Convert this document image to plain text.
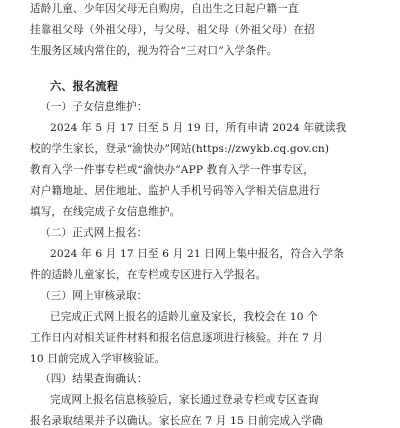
适龄儿童、少年因父母无自购房，自出生之日起户籍一直
挂靠祖父母（外祖父母），与父母、祖父母（外祖父母）在招
生服务区域内常住的，视为符合“三对口”入学条件。
六、报名流程
（一）子女信息维护：
2024 年 5 月 17 日至 5 月 19 日，所有申请 2024 年就读我
校的学生家长，登录“渝快办”网站(https://zwykb.cq.gov.cn)
教育入学一件事专栏或“渝快办”APP 教育入学一件事专区，
对户籍地址、居住地址、监护人手机号码等入学相关信息进行
填写，在线完成子女信息维护。
（二）正式网上报名：
2024 年 6 月 17 日至 6 月 21 日网上集中报名，符合入学条
件的适龄儿童家长，在专栏或专区进行入学报名。
（三）网上审核录取：
已完成正式网上报名的适龄儿童及家长，我校会在 10 个
工作日内对相关证件材料和报名信息逐项进行核验。并在 7 月
10 日前完成入学审核验证。
（四）结果查询确认：
完成网上报名信息核验后，家长通过登录专栏或专区查询
报名录取结果并予以确认。家长应在 7 月 15 日前完成入学确
